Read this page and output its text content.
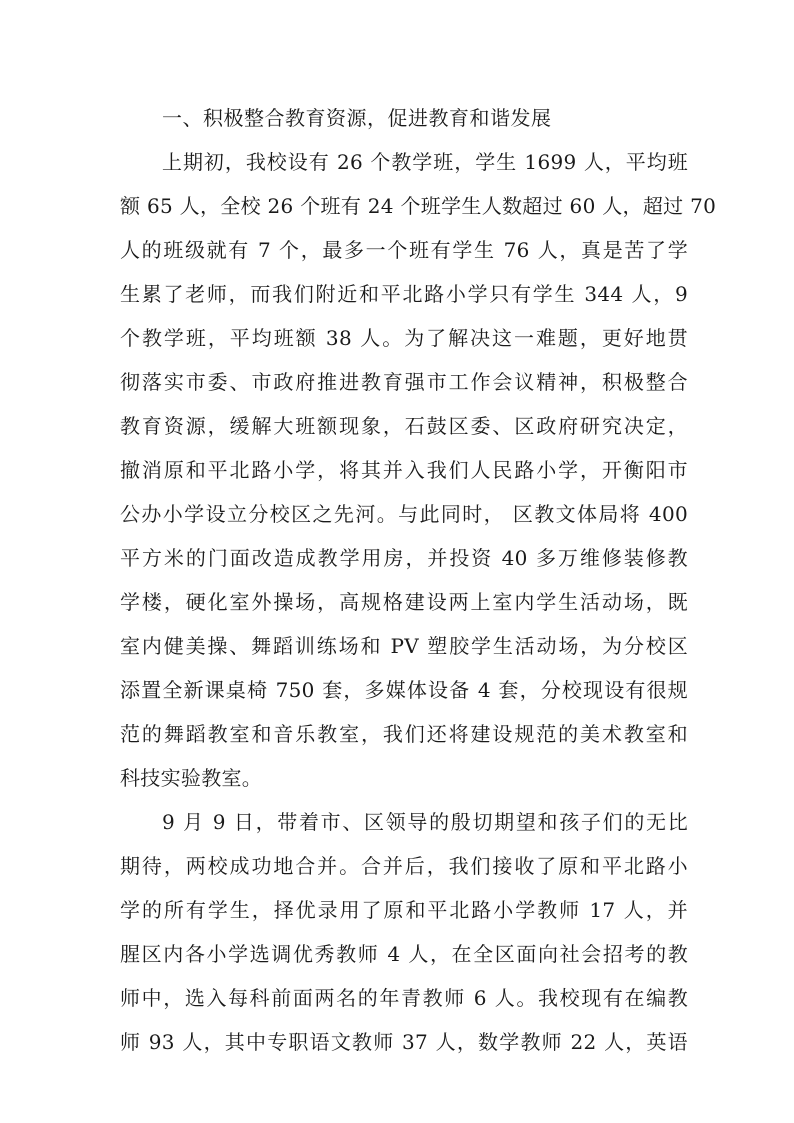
一、积极整合教育资源，促进教育和谐发展

上期初，我校设有 26 个教学班，学生 1699 人，平均班
额 65 人，全校 26 个班有 24 个班学生人数超过 60 人，超过 70
人的班级就有 7 个，最多一个班有学生 76 人，真是苦了学
生累了老师，而我们附近和平北路小学只有学生 344 人，9
个教学班，平均班额 38 人。为了解决这一难题，更好地贯
彻落实市委、市政府推进教育强市工作会议精神，积极整合
教育资源，缓解大班额现象，石鼓区委、区政府研究决定，
撤消原和平北路小学，将其并入我们人民路小学，开衡阳市
公办小学设立分校区之先河。与此同时， 区教文体局将 400
平方米的门面改造成教学用房，并投资 40 多万维修装修教
学楼，硬化室外操场，高规格建设两上室内学生活动场，既
室内健美操、舞蹈训练场和 PV 塑胶学生活动场，为分校区
添置全新课桌椅 750 套，多媒体设备 4 套，分校现设有很规
范的舞蹈教室和音乐教室，我们还将建设规范的美术教室和
科技实验教室。

9 月 9 日，带着市、区领导的殷切期望和孩子们的无比
期待，两校成功地合并。合并后，我们接收了原和平北路小
学的所有学生，择优录用了原和平北路小学教师 17 人，并
腥区内各小学选调优秀教师 4 人，在全区面向社会招考的教
师中，选入每科前面两名的年青教师 6 人。我校现有在编教
师 93 人，其中专职语文教师 37 人，数学教师 22 人，英语
